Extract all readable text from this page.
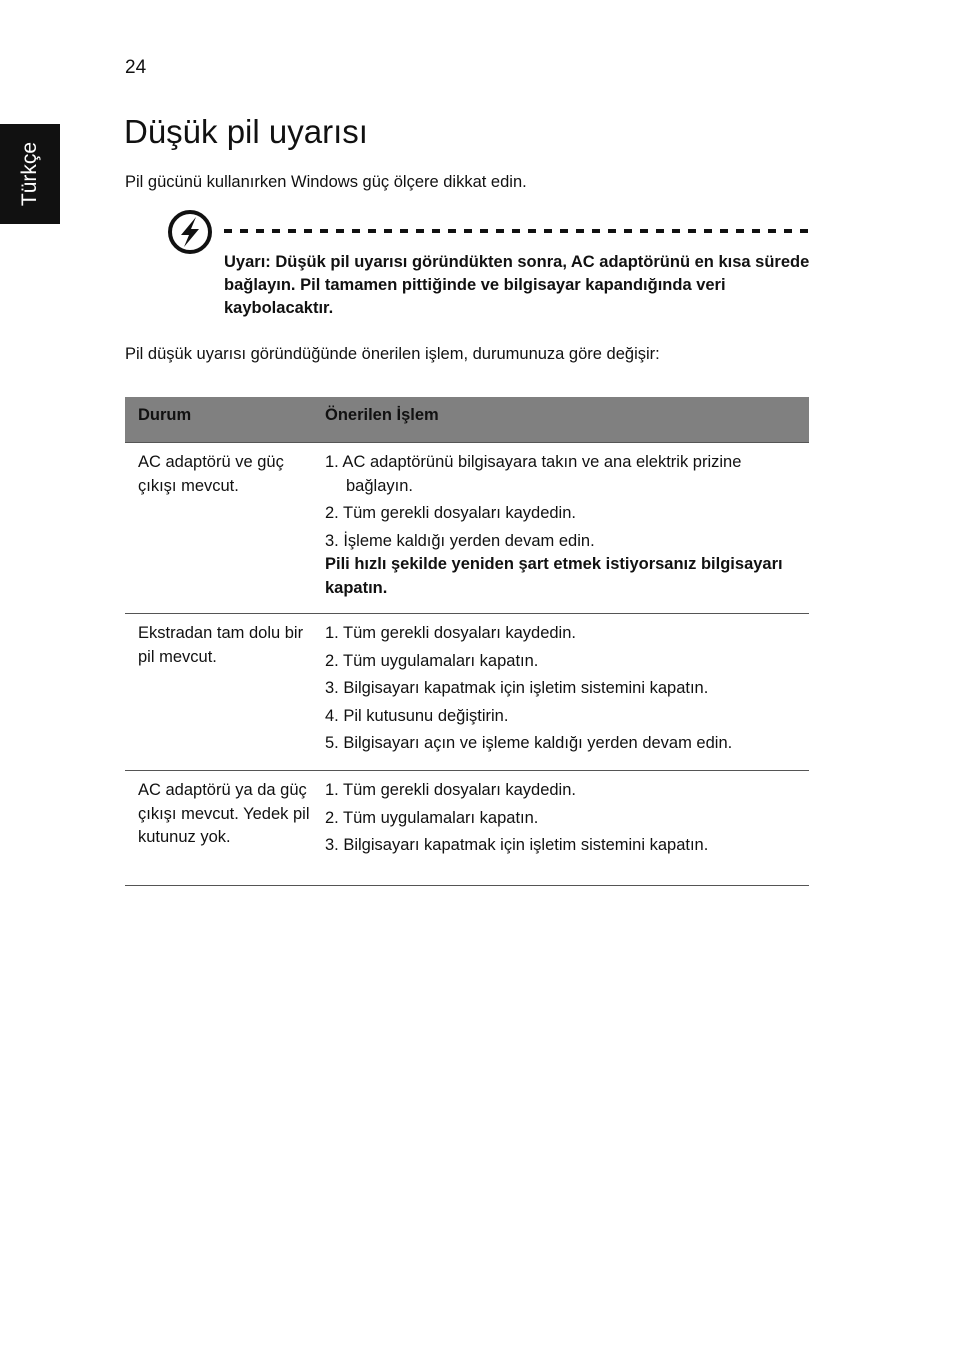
24
Türkçe
Düşük pil uyarısı

Pil gücünü kullanırken Windows güç ölçere dikkat edin.

Uyarı: Düşük pil uyarısı göründükten sonra, AC adaptörünü en kısa sürede bağlayın. Pil tamamen pittiğinde ve bilgisayar kapandığında veri kaybolacaktır.

Pil düşük uyarısı göründüğünde önerilen işlem, durumunuza göre değişir:

Durum	Önerilen İşlem
AC adaptörü ve güç çıkışı mevcut.
1. AC adaptörünü bilgisayara takın ve ana elektrik prizine bağlayın.
2. Tüm gerekli dosyaları kaydedin.
3. İşleme kaldığı yerden devam edin.
Pili hızlı şekilde yeniden şart etmek istiyorsanız bilgisayarı kapatın.
Ekstradan tam dolu bir pil mevcut.
1. Tüm gerekli dosyaları kaydedin.
2. Tüm uygulamaları kapatın.
3. Bilgisayarı kapatmak için işletim sistemini kapatın.
4. Pil kutusunu değiştirin.
5. Bilgisayarı açın ve işleme kaldığı yerden devam edin.
AC adaptörü ya da güç çıkışı mevcut. Yedek pil kutunuz yok.
1. Tüm gerekli dosyaları kaydedin.
2. Tüm uygulamaları kapatın.
3. Bilgisayarı kapatmak için işletim sistemini kapatın.
